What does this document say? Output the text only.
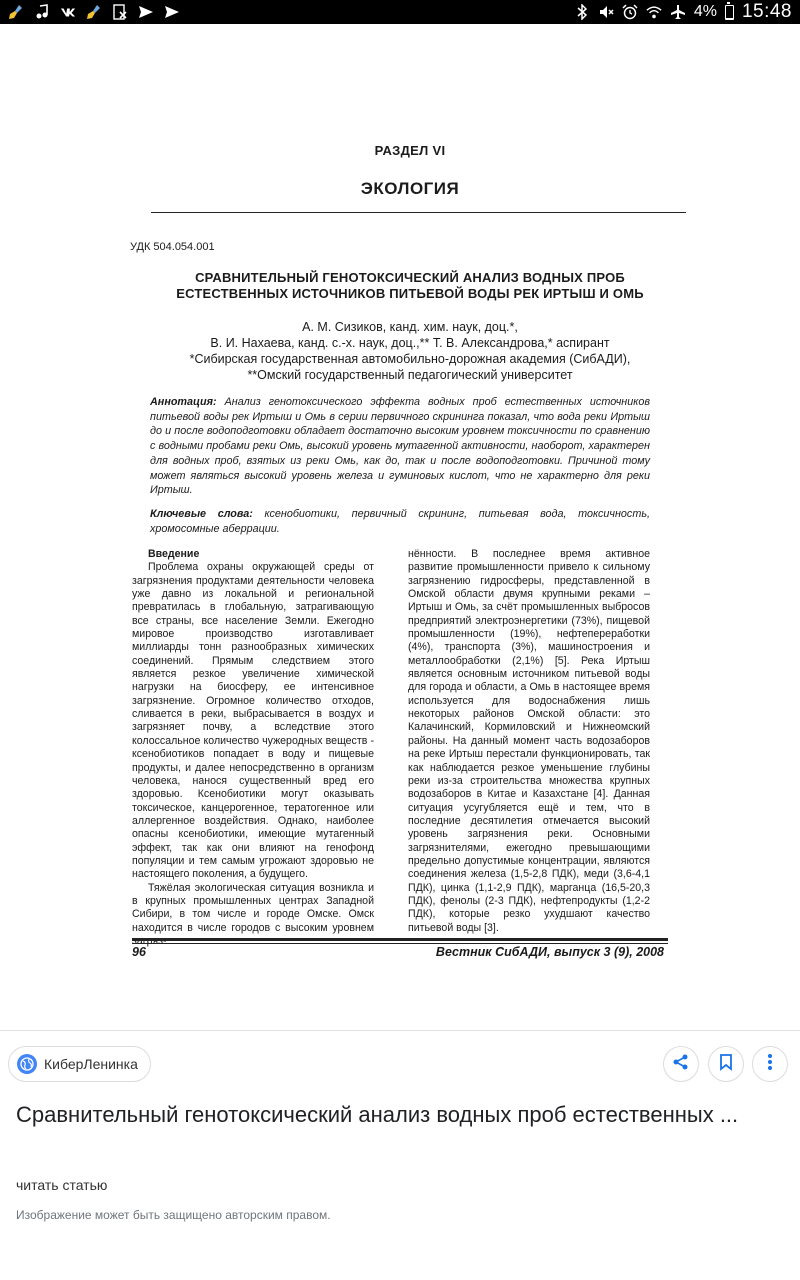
4% 15:48
РАЗДЕЛ VI
ЭКОЛОГИЯ
УДК 504.054.001
СРАВНИТЕЛЬНЫЙ ГЕНОТОКСИЧЕСКИЙ АНАЛИЗ ВОДНЫХ ПРОБ
ЕСТЕСТВЕННЫХ ИСТОЧНИКОВ ПИТЬЕВОЙ ВОДЫ РЕК ИРТЫШ И ОМЬ
А. М. Сизиков, канд. хим. наук, доц.*,
В. И. Нахаева, канд. с.-х. наук, доц.,** Т. В. Александрова,* аспирант
*Сибирская государственная автомобильно-дорожная академия (СибАДИ),
**Омский государственный педагогический университет
Аннотация: Анализ генотоксического эффекта водных проб естественных источников питьевой воды рек Иртыш и Омь в серии первичного скрининга показал, что вода реки Иртыш до и после водоподготовки обладает достаточно высоким уровнем токсичности по сравнению с водными пробами реки Омь, высокий уровень мутагенной активности, наоборот, характерен для водных проб, взятых из реки Омь, как до, так и после водоподготовки. Причиной тому может являться высокий уровень железа и гуминовых кислот, что не характерно для реки Иртыш.
Ключевые слова: ксенобиотики, первичный скрининг, питьевая вода, токсичность, хромосомные аберрации.

Введение

Проблема охраны окружающей среды от загрязнения продуктами деятельности человека уже давно из локальной и региональной превратилась в глобальную, затрагивающую все страны, все население Земли. Ежегодно мировое производство изготавливает миллиарды тонн разнообразных химических соединений. Прямым следствием этого является резкое увеличение химической нагрузки на биосферу, ее интенсивное загрязнение. Огромное количество отходов, сливается в реки, выбрасывается в воздух и загрязняет почву, а вследствие этого колоссальное количество чужеродных веществ - ксенобиотиков попадает в воду и пищевые продукты, и далее непосредственно в организм человека, нанося существенный вред его здоровью. Ксенобиотики могут оказывать токсическое, канцерогенное, тератогенное или аллергенное воздействия. Однако, наиболее опасны ксенобиотики, имеющие мутагенный эффект, так как они влияют на генофонд популяции и тем самым угрожают здоровью не настоящего поколения, а будущего.

Тяжёлая экологическая ситуация возникла и в крупных промышленных центрах Западной Сибири, в том числе и городе Омске. Омск находится в числе городов с высоким уровнем загряз-

нённости. В последнее время активное развитие промышленности привело к сильному загрязнению гидросферы, представленной в Омской области двумя крупными реками – Иртыш и Омь, за счёт промышленных выбросов предприятий электроэнергетики (73%), пищевой промышленности (19%), нефтепереработки (4%), транспорта (3%), машиностроения и металлообработки (2,1%) [5]. Река Иртыш является основным источником питьевой воды для города и области, а Омь в настоящее время используется для водоснабжения лишь некоторых районов Омской области: это Калачинский, Кормиловский и Нижнеомский районы. На данный момент часть водозаборов на реке Иртыш перестали функционировать, так как наблюдается резкое уменьшение глубины реки из-за строительства множества крупных водозаборов в Китае и Казахстане [4]. Данная ситуация усугубляется ещё и тем, что в последние десятилетия отмечается высокий уровень загрязнения реки. Основными загрязнителями, ежегодно превышающими предельно допустимые концентрации, являются соединения железа (1,5-2,8 ПДК), меди (3,6-4,1 ПДК), цинка (1,1-2,9 ПДК), марганца (16,5-20,3 ПДК), фенолы (2-3 ПДК), нефтепродукты (1,2-2 ПДК), которые резко ухудшают качество питьевой воды [3].

96	Вестник СибАДИ, выпуск 3 (9), 2008
КиберЛенинка
Сравнительный генотоксический анализ водных проб естественных ...
читать статью
Изображение может быть защищено авторским правом.
